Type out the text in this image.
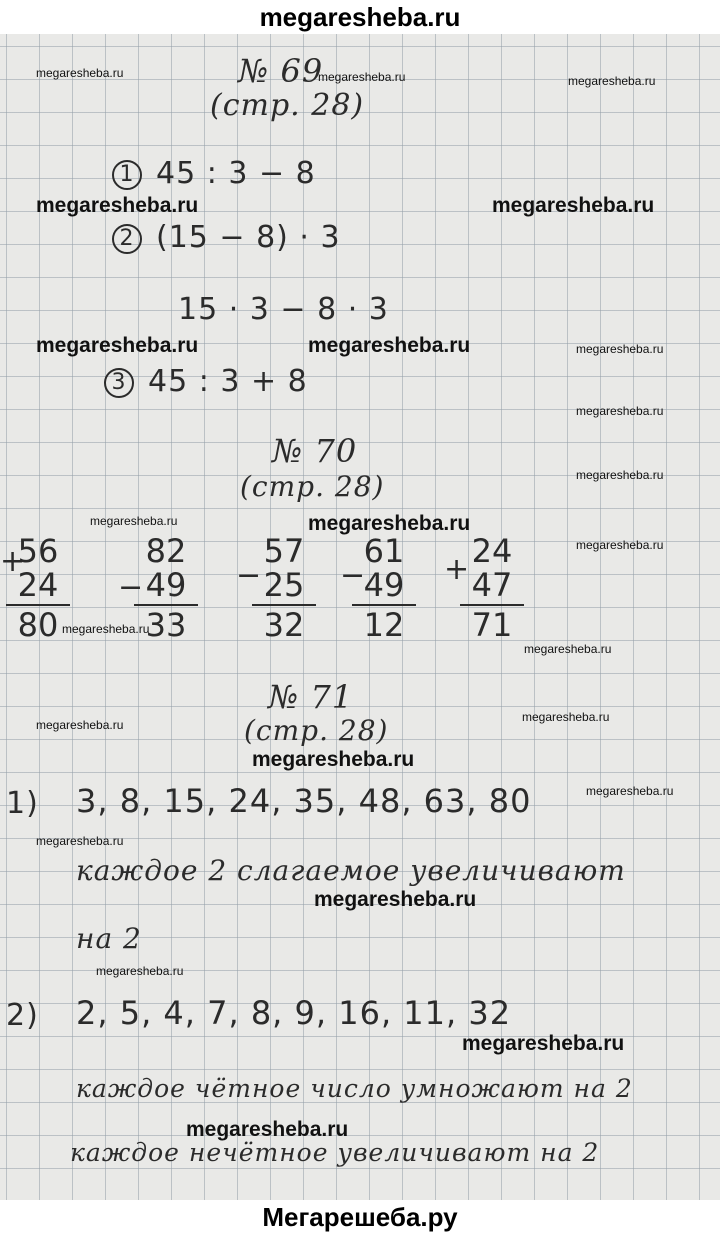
megaresheba.ru
№ 69
(стр. 28)
1 45 : 3 − 8
2 (15 − 8) · 3
15 · 3 − 8 · 3
3 45 : 3 + 8
№ 70
(стр. 28)
+
56
24
80
−
82
49
33
−
57
25
32
−
61
49
12
+ 24
47
71
№ 71
(стр. 28)
1) 3, 8, 15, 24, 35, 48, 63, 80
каждое 2 слагаемое увеличивают
на 2
2) 2, 5, 4, 7, 8, 9, 16, 11, 32
каждое чётное число умножают на 2
каждое нечётное увеличивают на 2
megaresheba.ru	megaresheba.ru	megaresheba.ru
megaresheba.ru	megaresheba.ru
megaresheba.ru	megaresheba.ru	megaresheba.ru
megaresheba.ru
megaresheba.ru
megaresheba.ru	megaresheba.ru
megaresheba.ru
megaresheba.ru
megaresheba.ru
megaresheba.ru
megaresheba.ru
megaresheba.ru
megaresheba.ru
megaresheba.ru
megaresheba.ru
megaresheba.ru
megaresheba.ru
megaresheba.ru
Мегарешеба.ру
